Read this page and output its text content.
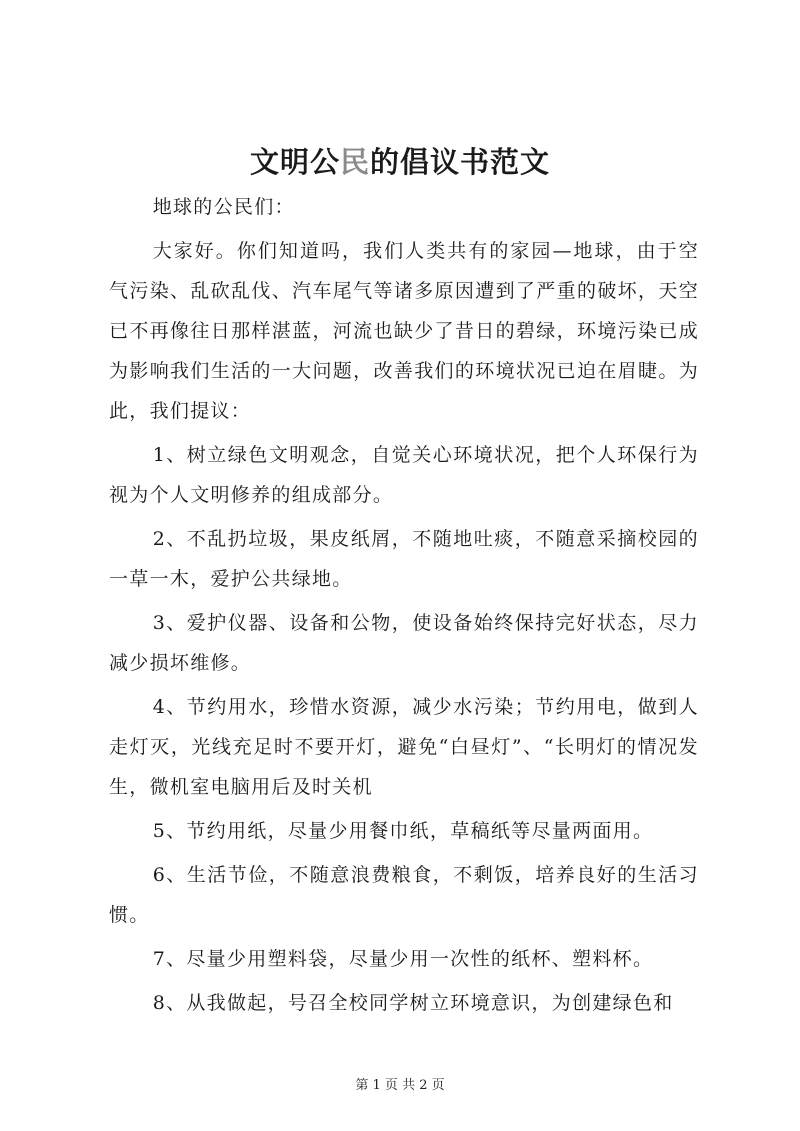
文明公民的倡议书范文

地球的公民们：

大家好。你们知道吗，我们人类共有的家园—地球，由于空气污染、乱砍乱伐、汽车尾气等诸多原因遭到了严重的破坏，天空已不再像往日那样湛蓝，河流也缺少了昔日的碧绿，环境污染已成为影响我们生活的一大问题，改善我们的环境状况已迫在眉睫。为此，我们提议：

1、树立绿色文明观念，自觉关心环境状况，把个人环保行为视为个人文明修养的组成部分。

2、不乱扔垃圾，果皮纸屑，不随地吐痰，不随意采摘校园的一草一木，爱护公共绿地。

3、爱护仪器、设备和公物，使设备始终保持完好状态，尽力减少损坏维修。

4、节约用水，珍惜水资源，减少水污染；节约用电，做到人走灯灭，光线充足时不要开灯，避免“白昼灯”、“长明灯的情况发生，微机室电脑用后及时关机

5、节约用纸，尽量少用餐巾纸，草稿纸等尽量两面用。

6、生活节俭，不随意浪费粮食，不剩饭，培养良好的生活习惯。

7、尽量少用塑料袋，尽量少用一次性的纸杯、塑料杯。

8、从我做起，号召全校同学树立环境意识，为创建绿色和

第 1 页 共 2 页
